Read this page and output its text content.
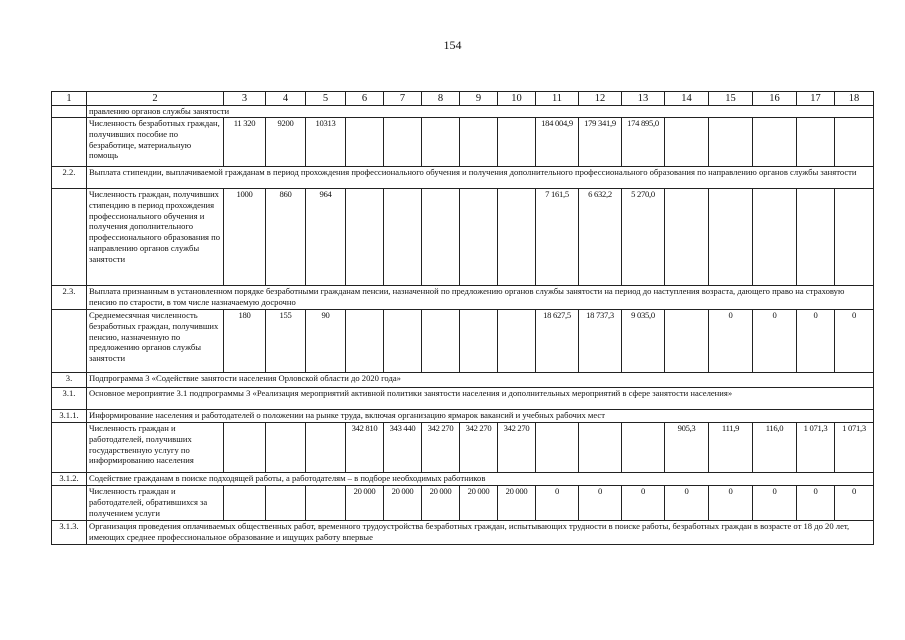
154
1	2	3	4	5	6	7	8	9	10	11	12	13	14	15	16	17	18
	правлению органов службы занятости																
	Численность безработных граждан, получивших пособие по безработице, материальную помощь	11 320	9200	10313						184 004,9	179 341,9	174 895,0					
2.2.	Выплата стипендии, выплачиваемой гражданам в период прохождения профессионального обучения и получения дополнительного профессионального образования по направлению органов службы занятости																
	Численность граждан, получивших стипендию в период прохождения профессионального обучения и получения дополнительного профессионального образования по направлению органов службы занятости	1000	860	964						7 161,5	6 632,2	5 270,0					
2.3.	Выплата признанным в установленном порядке безработными гражданам пенсии, назначенной по предложению органов службы занятости на период до наступления возраста, дающего право на страховую пенсию по старости, в том числе назначаемую досрочно																
	Среднемесячная численность безработных граждан, получивших пенсию, назначенную по предложению органов службы занятости	180	155	90						18 627,5	18 737,3	9 035,0		0	0	0	0
3.	Подпрограмма 3 «Содействие занятости населения Орловской области до 2020 года»																
3.1.	Основное мероприятие 3.1 подпрограммы 3 «Реализация мероприятий активной политики занятости населения и дополнительных мероприятий в сфере занятости населения»																
3.1.1.	Информирование населения и работодателей о положении на рынке труда, включая организацию ярмарок вакансий и учебных рабочих мест																
	Численность граждан и работодателей, получивших государственную услугу по информированию населения				342 810	343 440	342 270	342 270	342 270				905,3	111,9	116,0	1 071,3	1 071,3
3.1.2.	Содействие гражданам в поиске подходящей работы, а работодателям – в подборе необходимых работников																
	Численность граждан и работодателей, обратившихся за получением услуги				20 000	20 000	20 000	20 000	20 000	0	0	0	0	0	0	0	0
3.1.3.	Организация проведения оплачиваемых общественных работ, временного трудоустройства безработных граждан, испытывающих трудности в поиске работы, безработных граждан в возрасте от 18 до 20 лет, имеющих среднее профессиональное образование и ищущих работу впервые																
